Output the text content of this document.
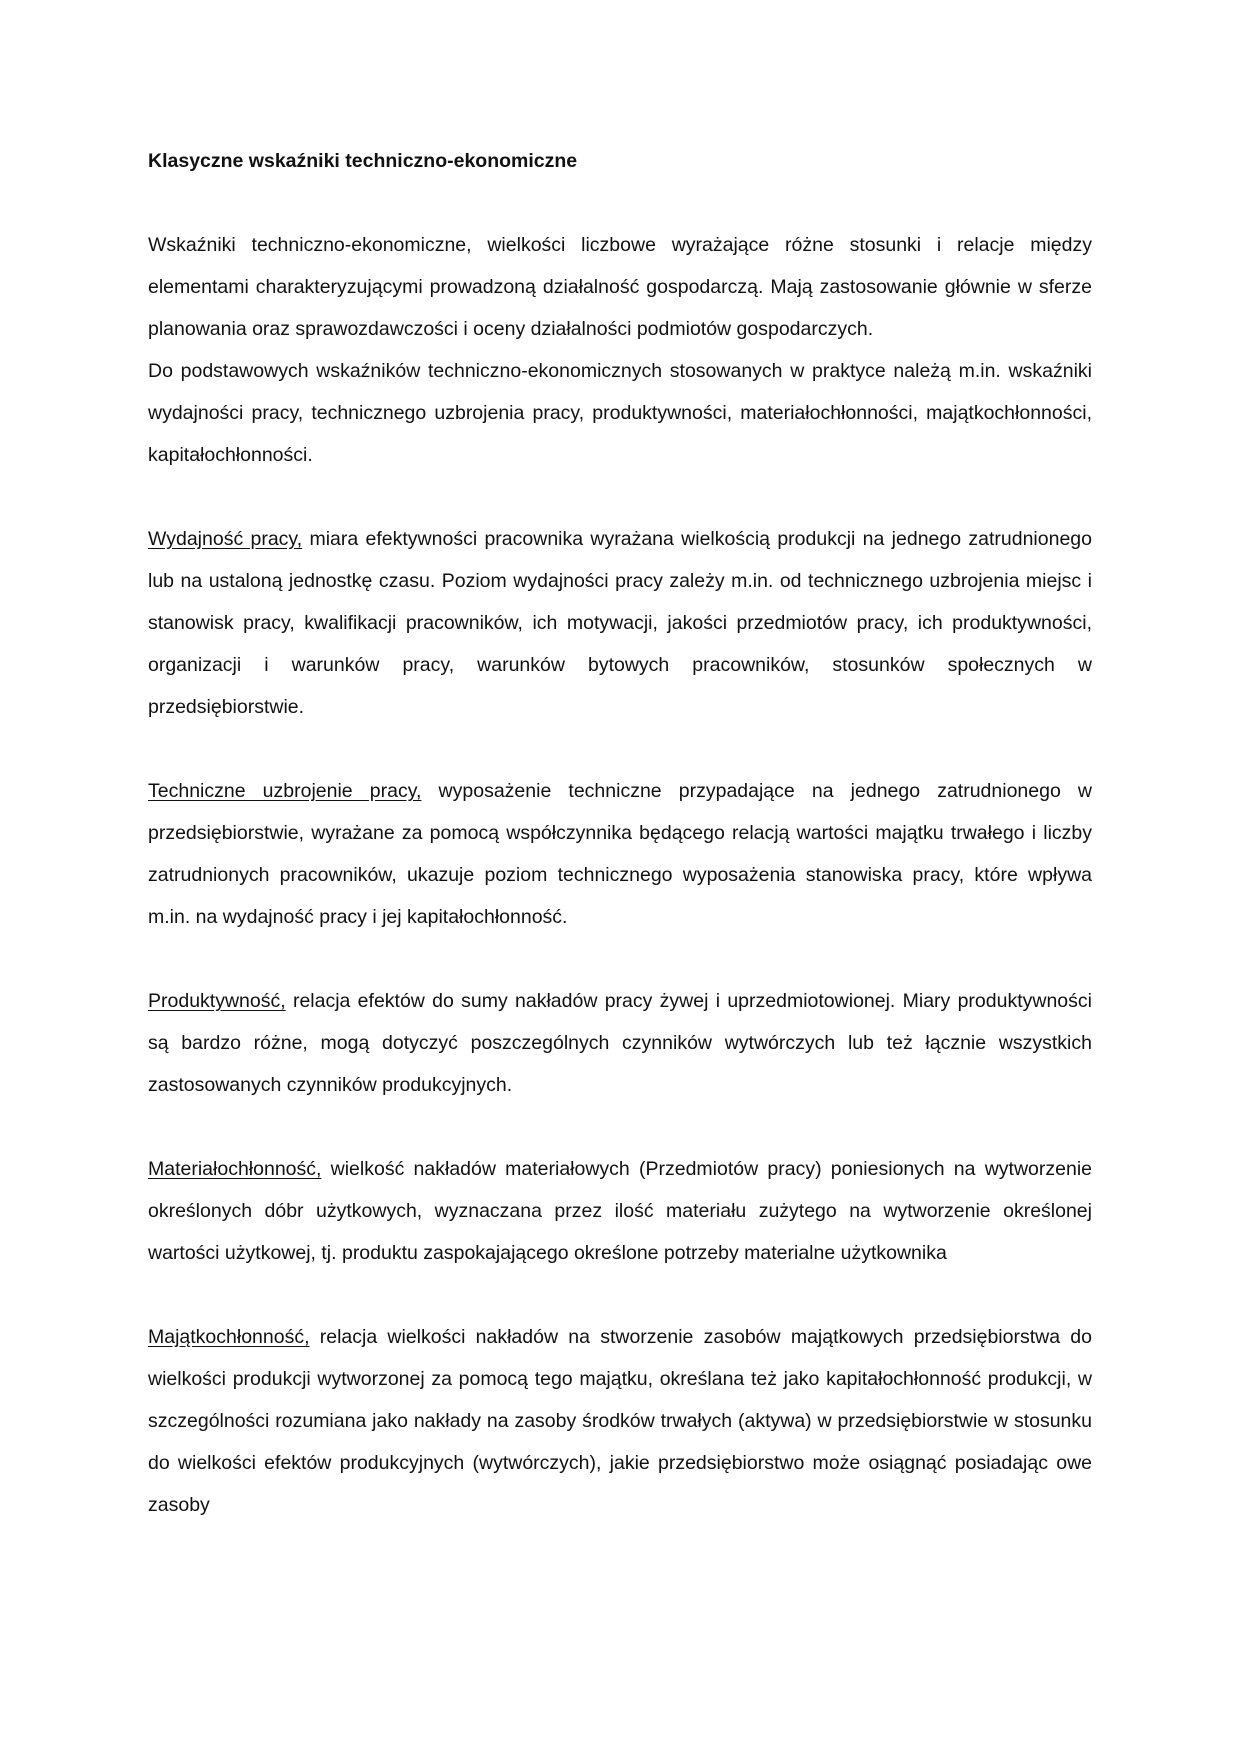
Klasyczne wskaźniki techniczno-ekonomiczne

Wskaźniki techniczno-ekonomiczne, wielkości liczbowe wyrażające różne stosunki i relacje między elementami charakteryzującymi prowadzoną działalność gospodarczą. Mają zastosowanie głównie w sferze planowania oraz sprawozdawczości i oceny działalności podmiotów gospodarczych.

Do podstawowych wskaźników techniczno-ekonomicznych stosowanych w praktyce należą m.in. wskaźniki wydajności pracy, technicznego uzbrojenia pracy, produktywności, materiałochłonności, majątkochłonności, kapitałochłonności.

Wydajność pracy, miara efektywności pracownika wyrażana wielkością produkcji na jednego zatrudnionego lub na ustaloną jednostkę czasu. Poziom wydajności pracy zależy m.in. od technicznego uzbrojenia miejsc i stanowisk pracy, kwalifikacji pracowników, ich motywacji, jakości przedmiotów pracy, ich produktywności, organizacji i warunków pracy, warunków bytowych pracowników, stosunków społecznych w przedsiębiorstwie.

Techniczne uzbrojenie pracy, wyposażenie techniczne przypadające na jednego zatrudnionego w przedsiębiorstwie, wyrażane za pomocą współczynnika będącego relacją wartości majątku trwałego i liczby zatrudnionych pracowników, ukazuje poziom technicznego wyposażenia stanowiska pracy, które wpływa m.in. na wydajność pracy i jej kapitałochłonność.

Produktywność, relacja efektów do sumy nakładów pracy żywej i uprzedmiotowionej. Miary produktywności są bardzo różne, mogą dotyczyć poszczególnych czynników wytwórczych lub też łącznie wszystkich zastosowanych czynników produkcyjnych.

Materiałochłonność, wielkość nakładów materiałowych (Przedmiotów pracy) poniesionych na wytworzenie określonych dóbr użytkowych, wyznaczana przez ilość materiału zużytego na wytworzenie określonej wartości użytkowej, tj. produktu zaspokajającego określone potrzeby materialne użytkownika

Majątkochłonność, relacja wielkości nakładów na stworzenie zasobów majątkowych przedsiębiorstwa do wielkości produkcji wytworzonej za pomocą tego majątku, określana też jako kapitałochłonność produkcji, w szczególności rozumiana jako nakłady na zasoby środków trwałych (aktywa) w przedsiębiorstwie w stosunku do wielkości efektów produkcyjnych (wytwórczych), jakie przedsiębiorstwo może osiągnąć posiadając owe zasoby
